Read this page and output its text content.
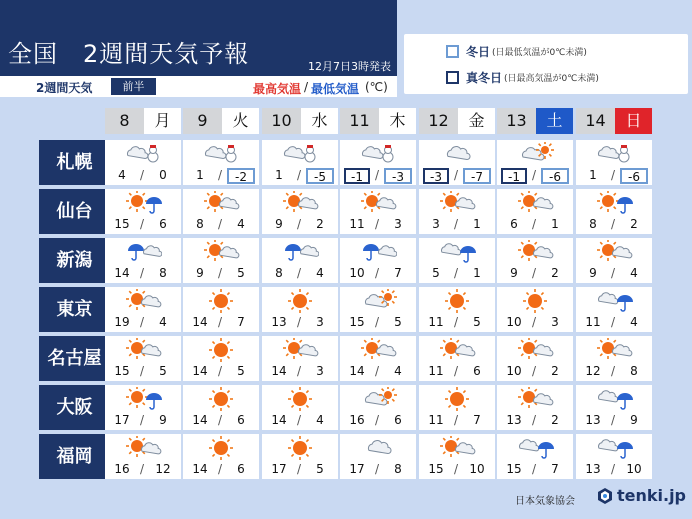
全国　2週間天気予報	12月7日3時発表
2週間天気	前半	最高気温 / 最低気温 (℃)
冬日 (日最低気温が0℃未満)
真冬日 (日最高気温が0℃未満)
8	月	9	火	10	水	11	木	12	金	13	土	14	日
札幌
4	/	0	1	/	-2	1	/	-5	-1 /	-3	-3 /	-7	-1 /	-6	1	/	-6
仙台
15 /	6	8	/	4	9	/	2	11 /	3	3	/	1	6	/	1	8	/	2
新潟
14 /	8	9	/	5	8	/	4	10 /	7	5	/	1	9	/	2	9	/	4
東京
19 /	4	14 /	7	13 /	3	15 /	5	11 /	5	10 /	3	11 /	4
名古屋
15 /	5	14 /	5	14 /	3	14 /	4	11 /	6	10 /	2	12 /	8
大阪
17 /	9	14 /	6	14 /	4	16 /	6	11 /	7	13 /	2	13 /	9
福岡
16 / 12	14 /	6	17 /	5	17 /	8	15 / 10	15 /	7	13 / 10
日本気象協会	tenki.jp
